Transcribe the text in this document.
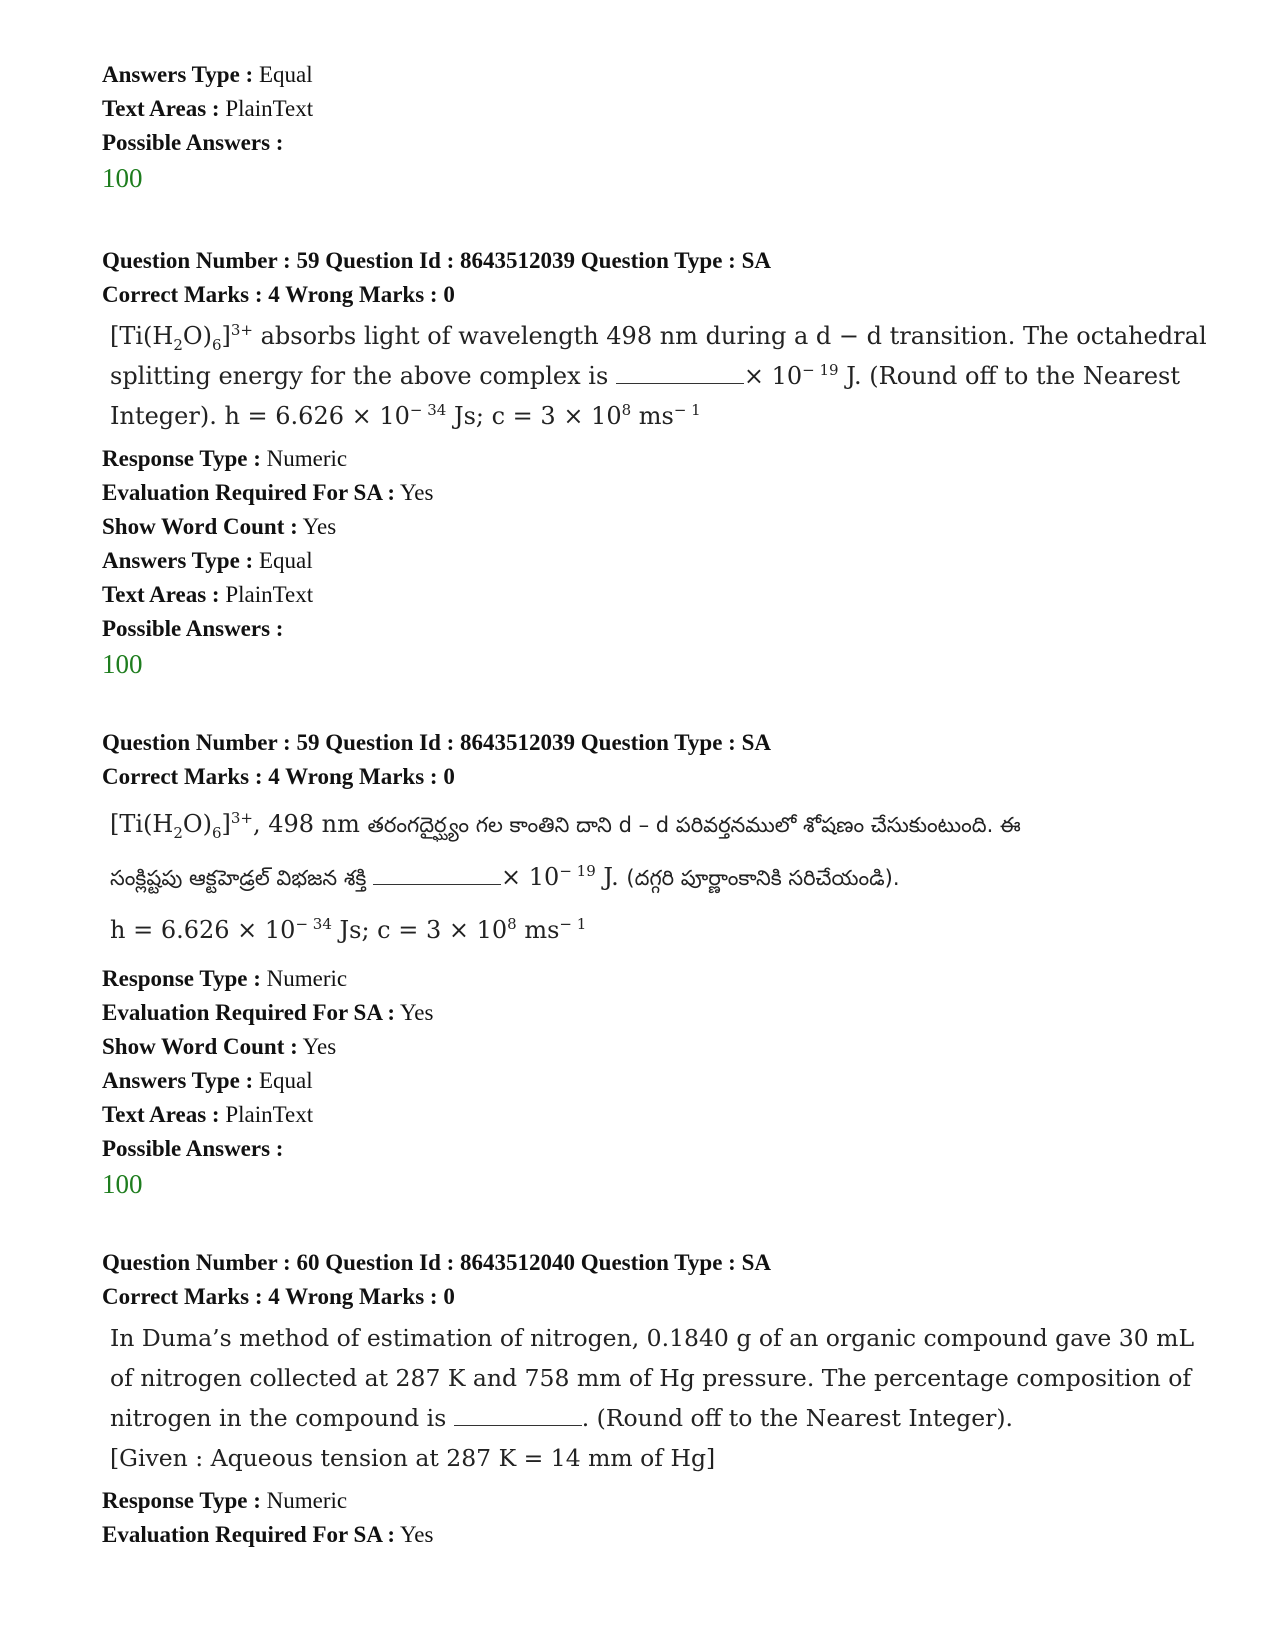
Answers Type : Equal
Text Areas : PlainText
Possible Answers :
100
Question Number : 59 Question Id : 8643512039 Question Type : SA
Correct Marks : 4 Wrong Marks : 0
$[Ti(H_2O)_6]^{3+}$ absorbs light of wavelength 498 nm during a d − d transition. The octahedral
splitting energy for the above complex is	× $10^{- 19}$ J. (Round off to the Nearest
Integer). $h = 6.626 \times 10^{- 34}$ Js; $c = 3 \times 10^8$ $ms^{- 1}$
Response Type : Numeric
Evaluation Required For SA : Yes
Show Word Count : Yes
Answers Type : Equal
Text Areas : PlainText
Possible Answers :
100
Question Number : 59 Question Id : 8643512039 Question Type : SA
Correct Marks : 4 Wrong Marks : 0
$[Ti(H_2O)_6]^{3+}$, 498 nm తరంగదైర్ఘ్యం గల కాంతిని దాని d – d పరివర్తనములో శోషణం చేసుకుంటుంది. ఈ
సంక్లిష్టపు ఆక్టహెడ్రల్ విభజన శక్తి	× $10^{- 19}$ J. (దగ్గరి పూర్ణాంకానికి సరిచేయండి).
$h = 6.626 \times 10^{- 34}$ Js; $c = 3 \times 10^8$ $ms^{- 1}$
Response Type : Numeric
Evaluation Required For SA : Yes
Show Word Count : Yes
Answers Type : Equal
Text Areas : PlainText
Possible Answers :
100
Question Number : 60 Question Id : 8643512040 Question Type : SA
Correct Marks : 4 Wrong Marks : 0
In Duma’s method of estimation of nitrogen, 0.1840 g of an organic compound gave 30 mL
of nitrogen collected at 287 K and 758 mm of Hg pressure. The percentage composition of
nitrogen in the compound is	. (Round off to the Nearest Integer).
[Given : Aqueous tension at 287 K = 14 mm of Hg]
Response Type : Numeric
Evaluation Required For SA : Yes
